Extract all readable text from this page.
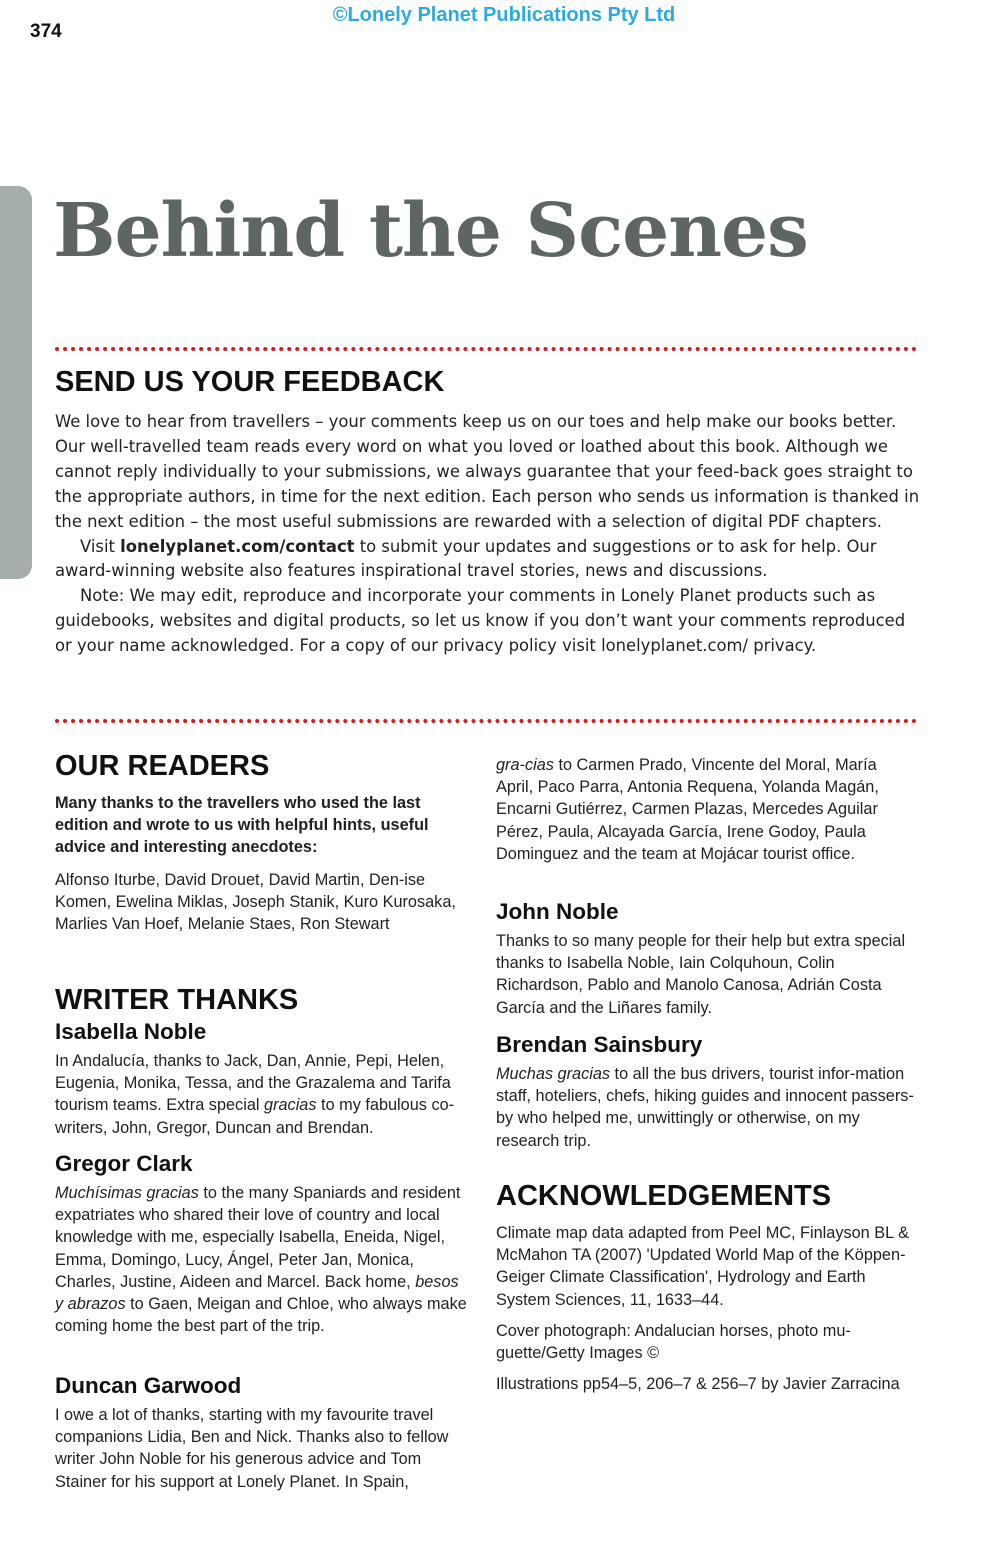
©Lonely Planet Publications Pty Ltd
374
Behind the Scenes
SEND US YOUR FEEDBACK

We love to hear from travellers – your comments keep us on our toes and help make our books better. Our well-travelled team reads every word on what you loved or loathed about this book. Although we cannot reply individually to your submissions, we always guarantee that your feed-back goes straight to the appropriate authors, in time for the next edition. Each person who sends us information is thanked in the next edition – the most useful submissions are rewarded with a selection of digital PDF chapters.

Visit lonelyplanet.com/contact to submit your updates and suggestions or to ask for help. Our award-winning website also features inspirational travel stories, news and discussions.

Note: We may edit, reproduce and incorporate your comments in Lonely Planet products such as guidebooks, websites and digital products, so let us know if you don’t want your comments reproduced or your name acknowledged. For a copy of our privacy policy visit lonelyplanet.com/ privacy.

OUR READERS

Many thanks to the travellers who used the last edition and wrote to us with helpful hints, useful advice and interesting anecdotes:

Alfonso Iturbe, David Drouet, David Martin, Den-ise Komen, Ewelina Miklas, Joseph Stanik, Kuro Kurosaka, Marlies Van Hoef, Melanie Staes, Ron Stewart

WRITER THANKS
Isabella Noble

In Andalucía, thanks to Jack, Dan, Annie, Pepi, Helen, Eugenia, Monika, Tessa, and the Grazalema and Tarifa tourism teams. Extra special gracias to my fabulous co-writers, John, Gregor, Duncan and Brendan.

Gregor Clark

Muchísimas gracias to the many Spaniards and resident expatriates who shared their love of country and local knowledge with me, especially Isabella, Eneida, Nigel, Emma, Domingo, Lucy, Ángel, Peter Jan, Monica, Charles, Justine, Aideen and Marcel. Back home, besos y abrazos to Gaen, Meigan and Chloe, who always make coming home the best part of the trip.

Duncan Garwood

I owe a lot of thanks, starting with my favourite travel companions Lidia, Ben and Nick. Thanks also to fellow writer John Noble for his generous advice and Tom Stainer for his support at Lonely Planet. In Spain,

gra-cias to Carmen Prado, Vincente del Moral, María April, Paco Parra, Antonia Requena, Yolanda Magán, Encarni Gutiérrez, Carmen Plazas, Mercedes Aguilar Pérez, Paula, Alcayada García, Irene Godoy, Paula Dominguez and the team at Mojácar tourist office.

John Noble

Thanks to so many people for their help but extra special thanks to Isabella Noble, Iain Colquhoun, Colin Richardson, Pablo and Manolo Canosa, Adrián Costa García and the Liñares family.

Brendan Sainsbury

Muchas gracias to all the bus drivers, tourist infor-mation staff, hoteliers, chefs, hiking guides and innocent passers-by who helped me, unwittingly or otherwise, on my research trip.

ACKNOWLEDGEMENTS

Climate map data adapted from Peel MC, Finlayson BL & McMahon TA (2007) 'Updated World Map of the Köppen-Geiger Climate Classification', Hydrology and Earth System Sciences, 11, 1633–44.

Cover photograph: Andalucian horses, photo mu-guette/Getty Images ©

Illustrations pp54–5, 206–7 & 256–7 by Javier Zarracina
